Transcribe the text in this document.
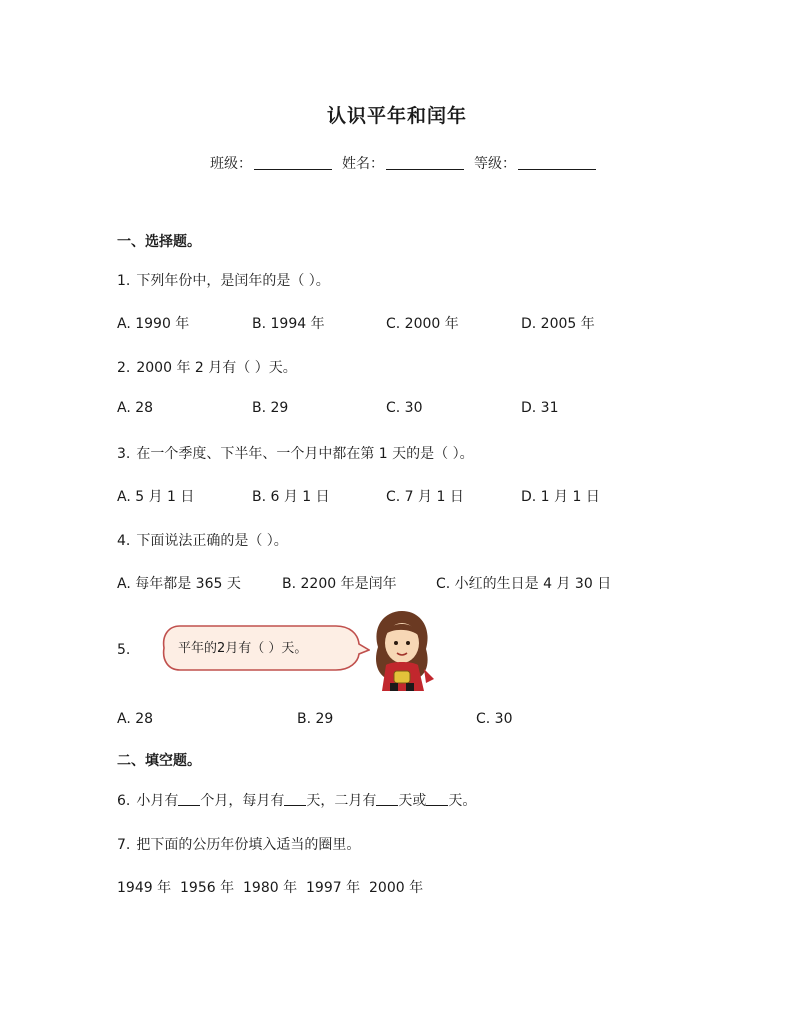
认识平年和闰年
班级：	姓名：	等级：
一、选择题。
1. 下列年份中，是闰年的是（ ）。
A. 1990 年	B. 1994 年	C. 2000 年	D. 2005 年
2. 2000 年 2 月有（ ）天。
A. 28	B. 29	C. 30	D. 31
3. 在一个季度、下半年、一个月中都在第 1 天的是（ ）。
A. 5 月 1 日	B. 6 月 1 日	C. 7 月 1 日	D. 1 月 1 日
4. 下面说法正确的是（ ）。
A. 每年都是 365 天	B. 2200 年是闰年	C. 小红的生日是 4 月 30 日
5.	平年的2月有（ ）天。
A. 28	B. 29	C. 30
二、填空题。
6. 小月有 个月，每月有 天，二月有 天或 天。
7. 把下面的公历年份填入适当的圈里。
1949 年 1956 年 1980 年 1997 年 2000 年
